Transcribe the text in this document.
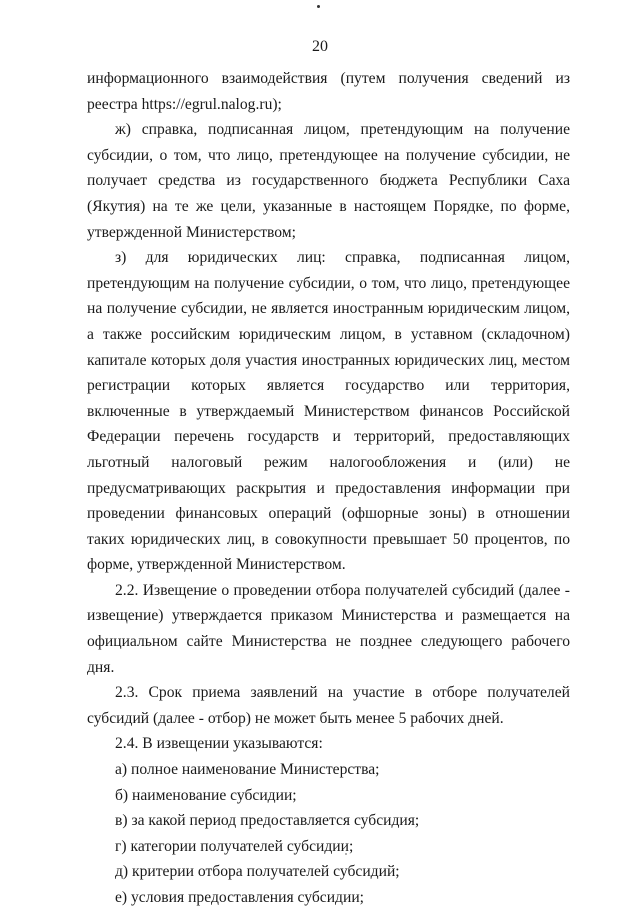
20

информационного взаимодействия (путем получения сведений из реестра https://egrul.nalog.ru);

ж) справка, подписанная лицом, претендующим на получение субсидии, о том, что лицо, претендующее на получение субсидии, не получает средства из государственного бюджета Республики Саха (Якутия) на те же цели, указанные в настоящем Порядке, по форме, утвержденной Министерством;

з) для юридических лиц: справка, подписанная лицом, претендующим на получение субсидии, о том, что лицо, претендующее на получение субсидии, не является иностранным юридическим лицом, а также российским юридическим лицом, в уставном (складочном) капитале которых доля участия иностранных юридических лиц, местом регистрации которых является государство или территория, включенные в утверждаемый Министерством финансов Российской Федерации перечень государств и территорий, предоставляющих льготный налоговый режим налогообложения и (или) не предусматривающих раскрытия и предоставления информации при проведении финансовых операций (офшорные зоны) в отношении таких юридических лиц, в совокупности превышает 50 процентов, по форме, утвержденной Министерством.

2.2. Извещение о проведении отбора получателей субсидий (далее - извещение) утверждается приказом Министерства и размещается на официальном сайте Министерства не позднее следующего рабочего дня.

2.3. Срок приема заявлений на участие в отборе получателей субсидий (далее - отбор) не может быть менее 5 рабочих дней.

2.4. В извещении указываются:

а) полное наименование Министерства;

б) наименование субсидии;

в) за какой период предоставляется субсидия;

г) категории получателей субсидии;

д) критерии отбора получателей субсидий;

е) условия предоставления субсидии;
